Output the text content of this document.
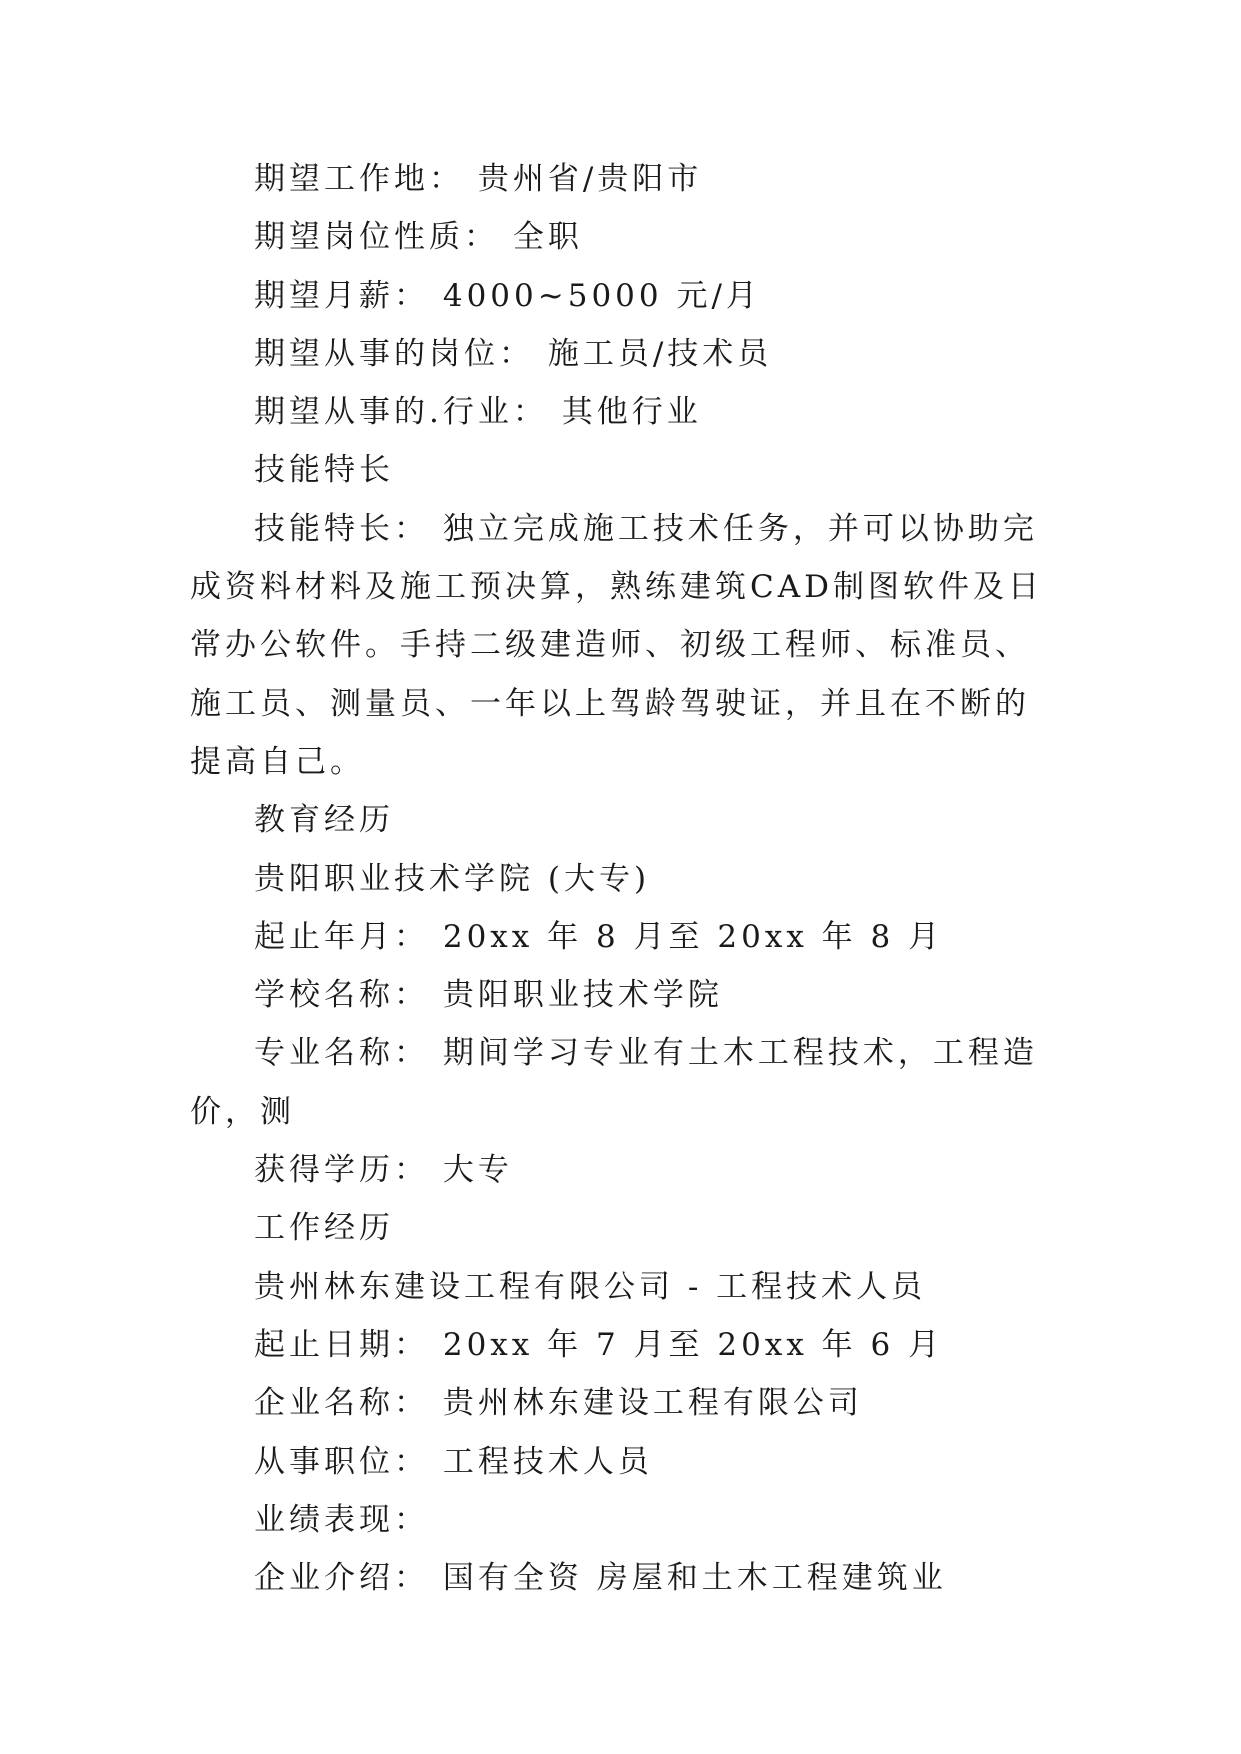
期望工作地： 贵州省/贵阳市

期望岗位性质： 全职

期望月薪： 4000~5000 元/月

期望从事的岗位： 施工员/技术员

期望从事的.行业： 其他行业

技能特长

技能特长： 独立完成施工技术任务，并可以协助完成资料材料及施工预决算，熟练建筑CAD制图软件及日常办公软件。手持二级建造师、初级工程师、标准员、施工员、测量员、一年以上驾龄驾驶证，并且在不断的提高自己。

教育经历

贵阳职业技术学院 (大专)

起止年月： 20xx 年 8 月至 20xx 年 8 月

学校名称： 贵阳职业技术学院

专业名称： 期间学习专业有土木工程技术，工程造价，测

获得学历： 大专

工作经历

贵州林东建设工程有限公司 - 工程技术人员

起止日期： 20xx 年 7 月至 20xx 年 6 月

企业名称： 贵州林东建设工程有限公司

从事职位： 工程技术人员

业绩表现：

企业介绍： 国有全资 房屋和土木工程建筑业
